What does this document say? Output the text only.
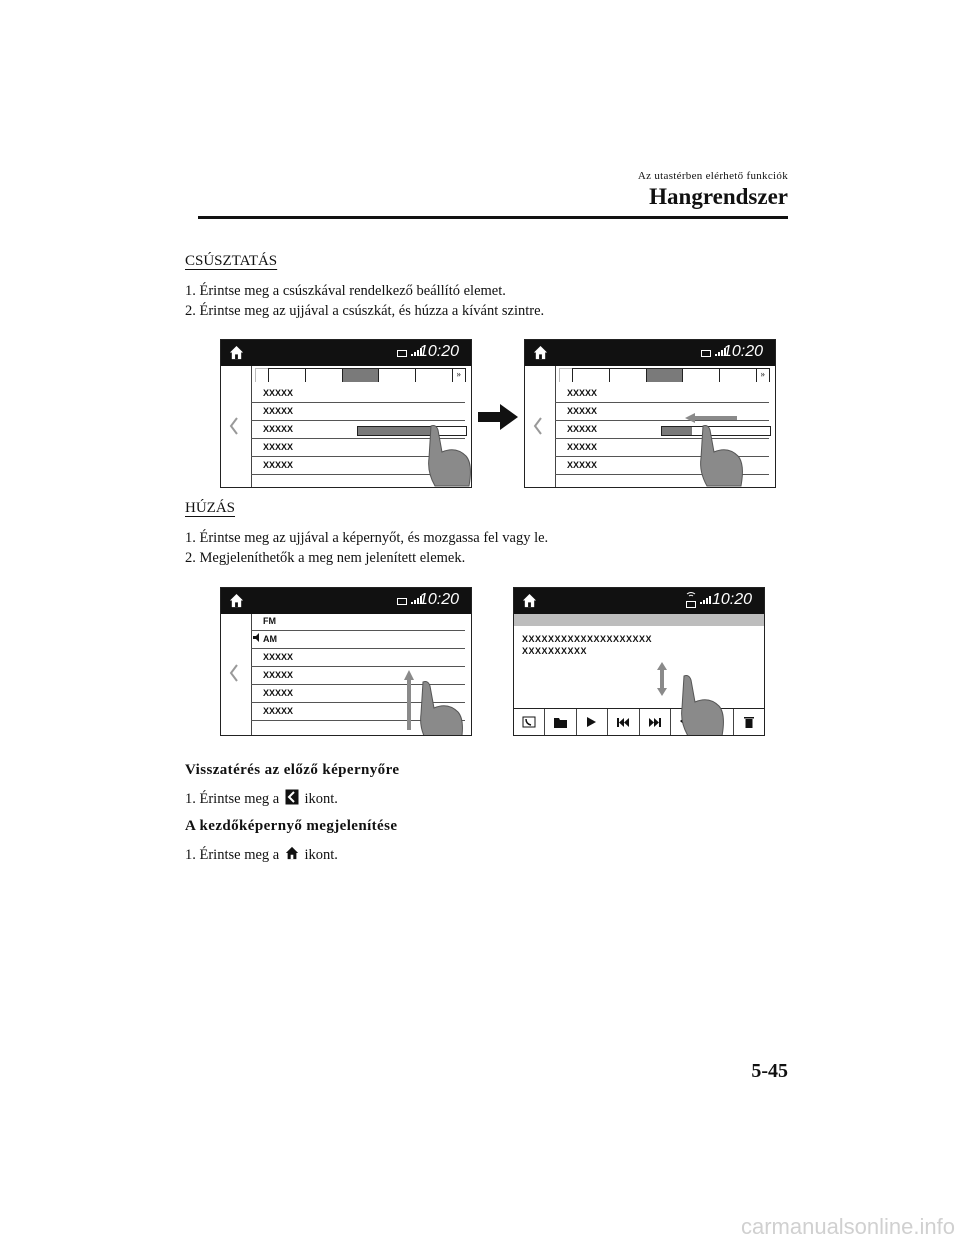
Az utastérben elérhető funkciók
Hangrendszer
CSÚSZTATÁS
1. Érintse meg a csúszkával rendelkező beállító elemet.
2. Érintse meg az ujjával a csúszkát, és húzza a kívánt szintre.
10:20
»
XXXXX
XXXXX
XXXXX
XXXXX
XXXXX
10:20
»
XXXXX
XXXXX
XXXXX
XXXXX
XXXXX
HÚZÁS
1. Érintse meg az ujjával a képernyőt, és mozgassa fel vagy le.
2. Megjeleníthetők a meg nem jelenített elemek.
10:20
FM
AM
XXXXX
XXXXX
XXXXX
XXXXX
10:20
XXXXXXXXXXXXXXXXXXXX
XXXXXXXXXX
Visszatérés az előző képernyőre
1. Érintse meg a ikont.
A kezdőképernyő megjelenítése
1. Érintse meg a ikont.
5-45
carmanualsonline.info
